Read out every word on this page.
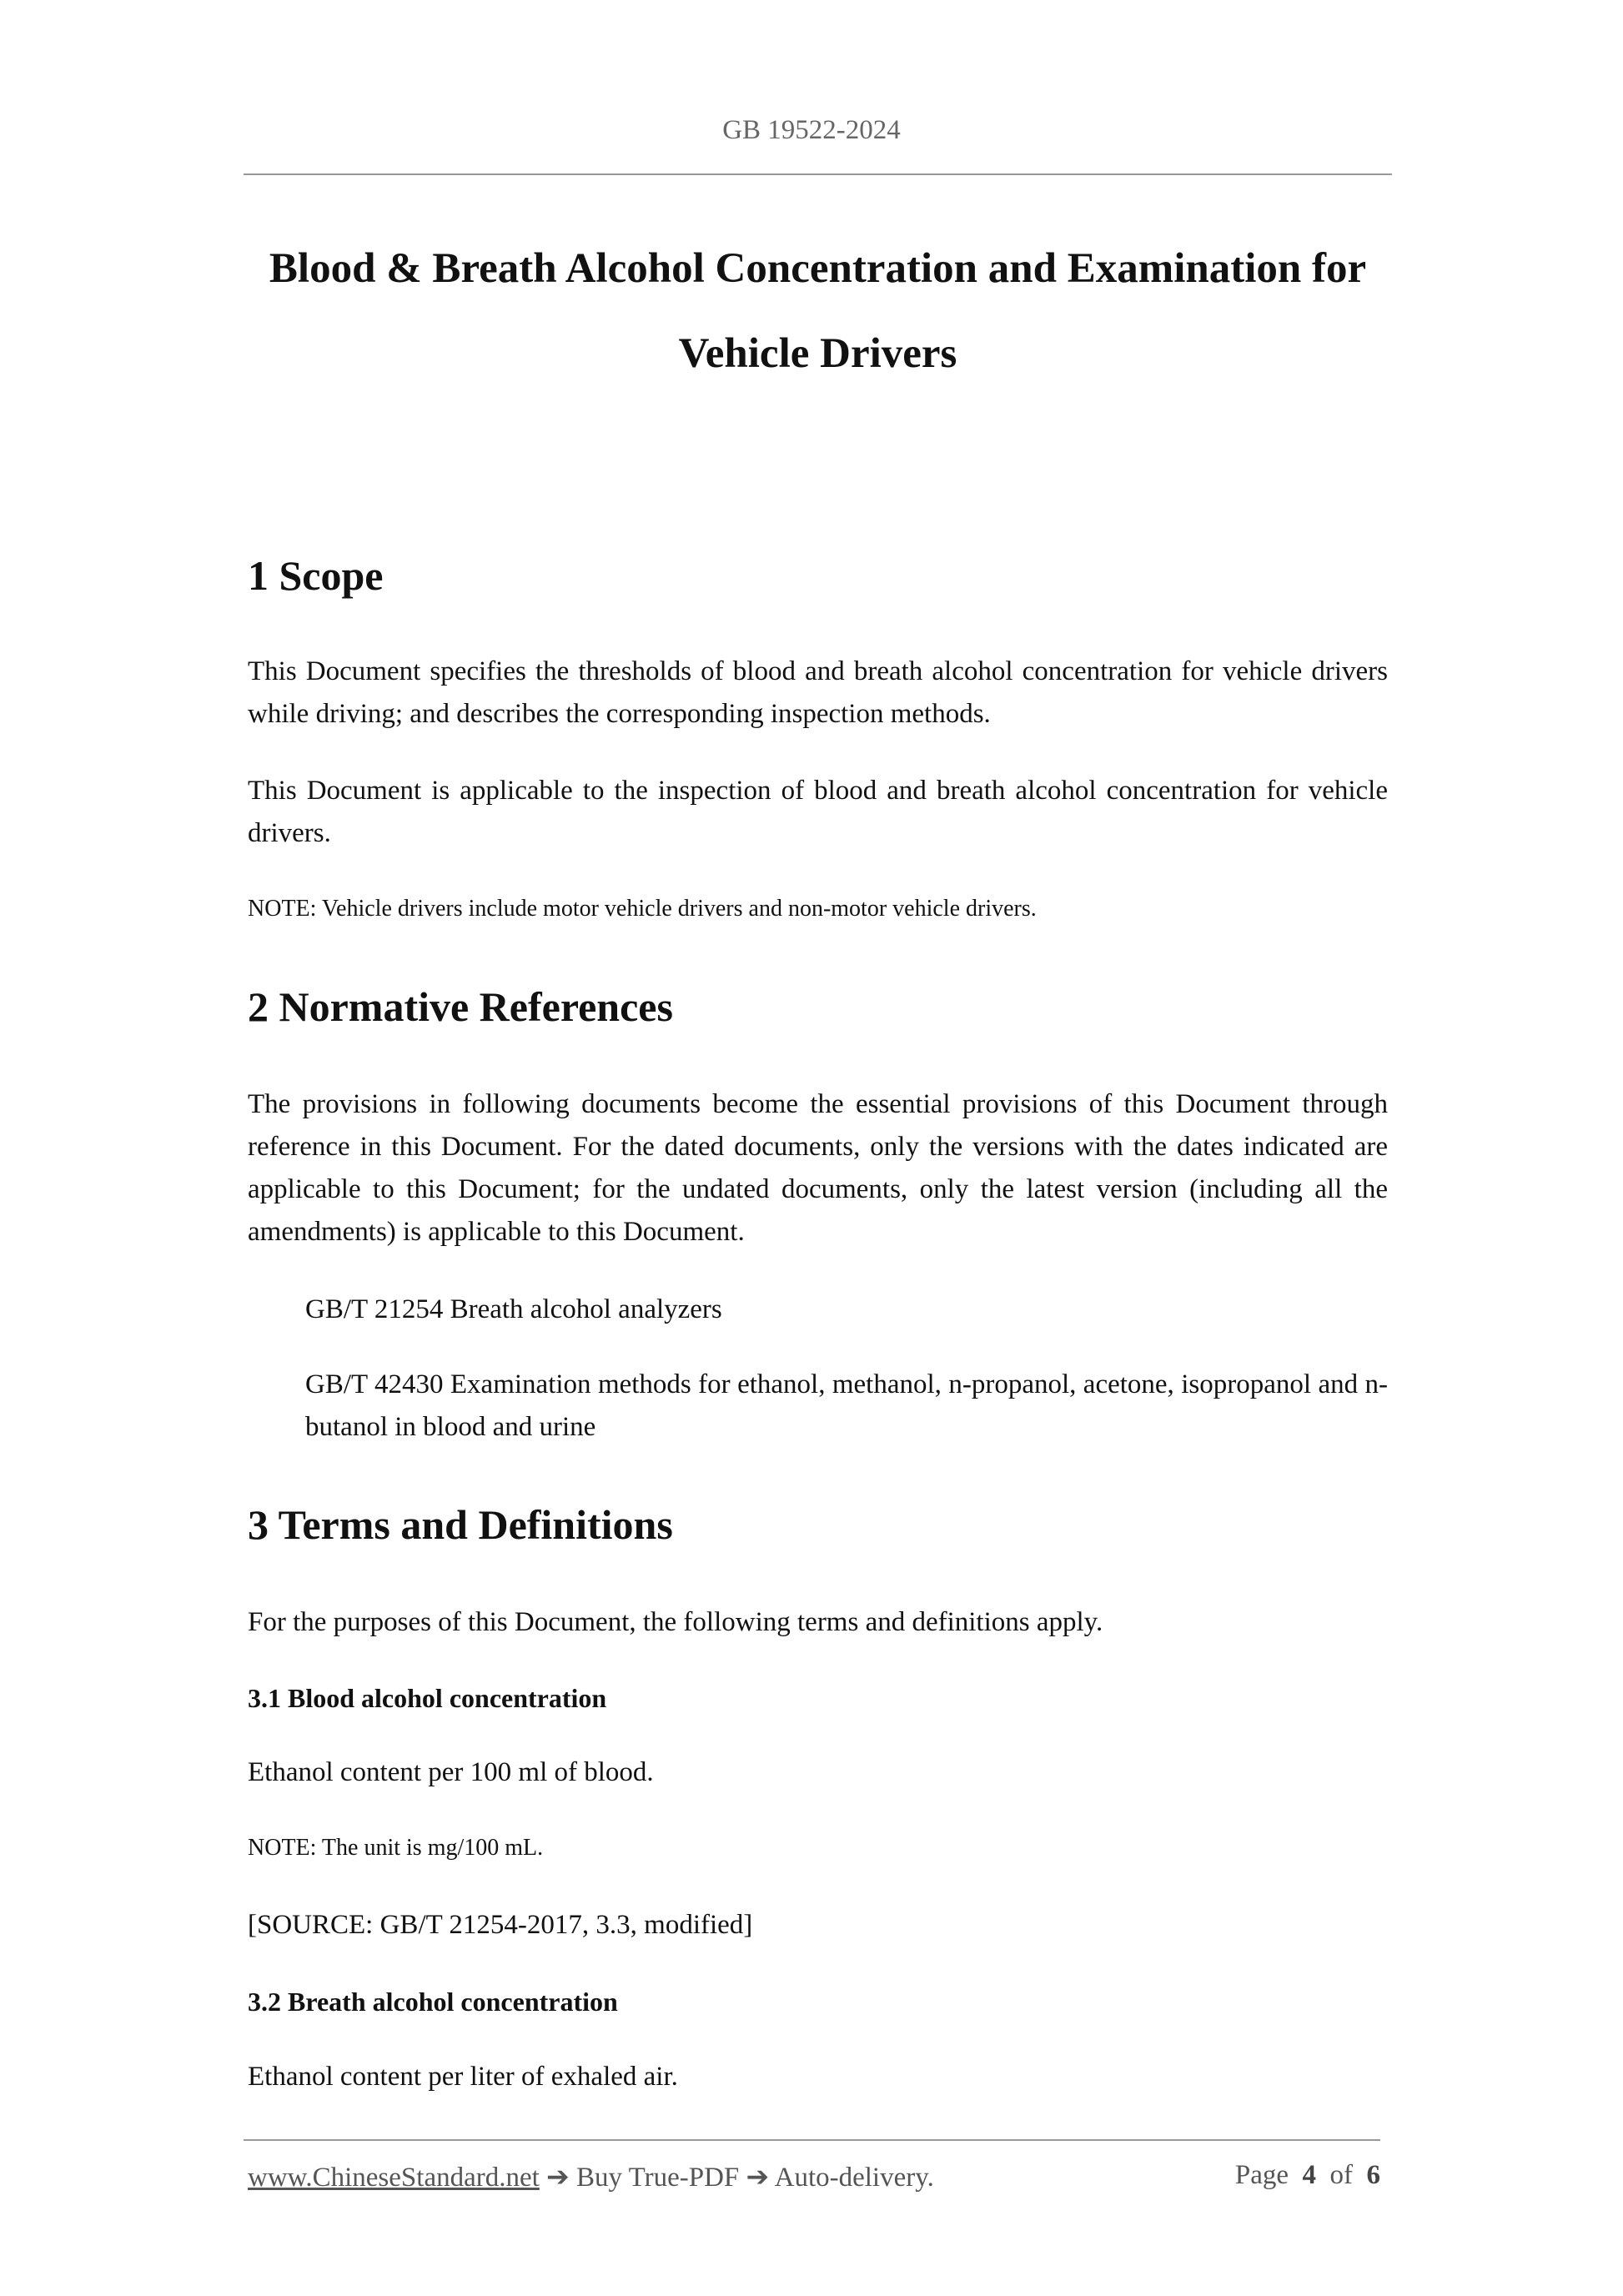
GB 19522-2024
Blood & Breath Alcohol Concentration and Examination for
Vehicle Drivers
1 Scope
This Document specifies the thresholds of blood and breath alcohol concentration for vehicle drivers while driving; and describes the corresponding inspection methods.
This Document is applicable to the inspection of blood and breath alcohol concentration for vehicle drivers.
NOTE: Vehicle drivers include motor vehicle drivers and non-motor vehicle drivers.
2 Normative References
The provisions in following documents become the essential provisions of this Document through reference in this Document. For the dated documents, only the versions with the dates indicated are applicable to this Document; for the undated documents, only the latest version (including all the amendments) is applicable to this Document.
GB/T 21254 Breath alcohol analyzers
GB/T 42430 Examination methods for ethanol, methanol, n-propanol, acetone, isopropanol and n-butanol in blood and urine
3 Terms and Definitions
For the purposes of this Document, the following terms and definitions apply.
3.1 Blood alcohol concentration
Ethanol content per 100 ml of blood.
NOTE: The unit is mg/100 mL.
[SOURCE: GB/T 21254-2017, 3.3, modified]
3.2 Breath alcohol concentration
Ethanol content per liter of exhaled air.
www.ChineseStandard.net ➔ Buy True-PDF ➔ Auto-delivery.	Page 4 of 6
